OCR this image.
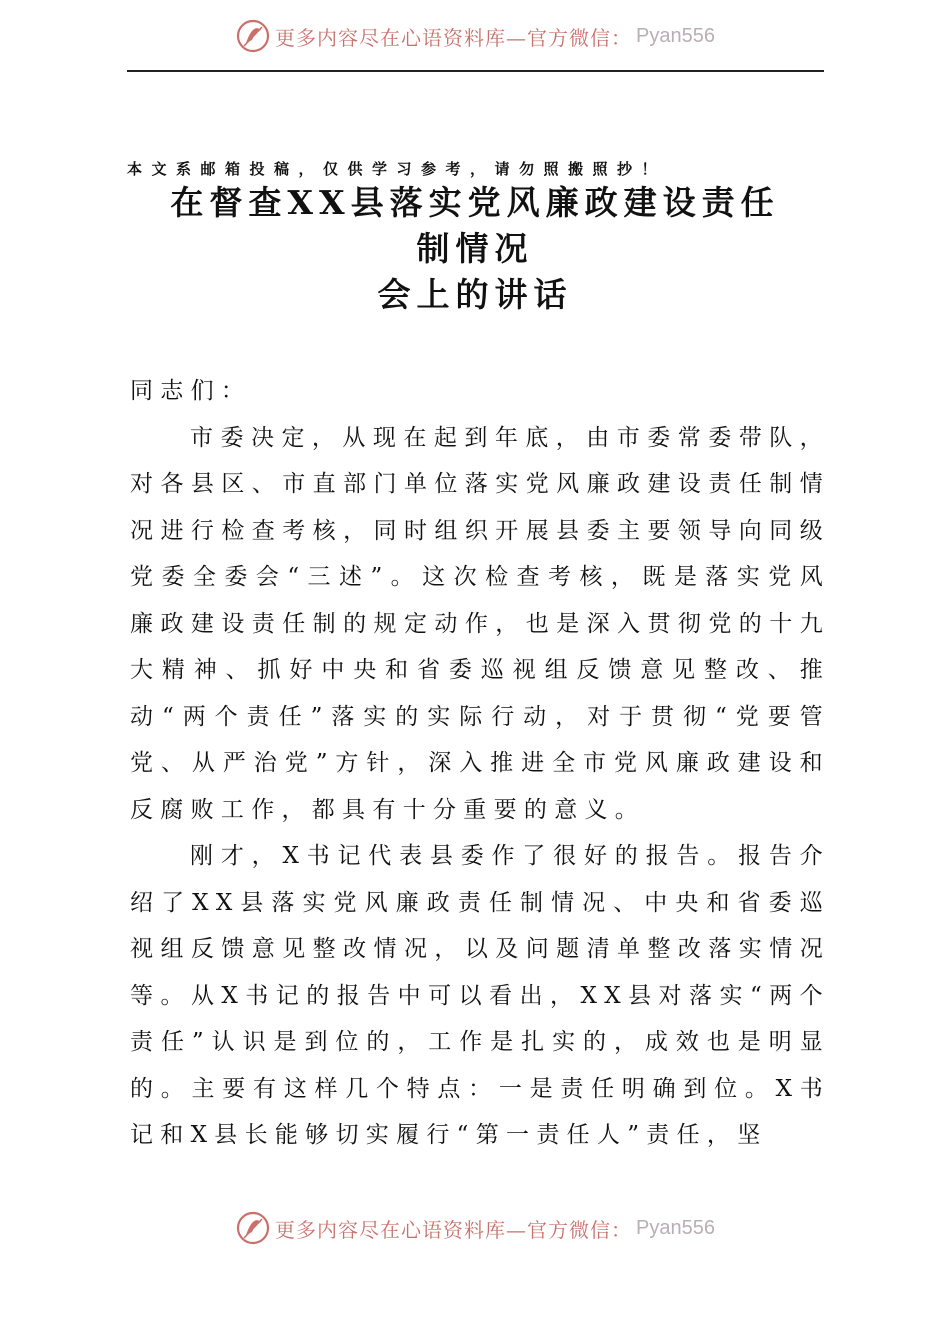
更多内容尽在心语资料库—官方微信： Pyan556
本文系邮箱投稿，仅供学习参考，请勿照搬照抄！
在督查XX县落实党风廉政建设责任
制情况
会上的讲话

同志们：

市委决定，从现在起到年底，由市委常委带队，对各县区、市直部门单位落实党风廉政建设责任制情况进行检查考核，同时组织开展县委主要领导向同级党委全委会“三述”。这次检查考核，既是落实党风廉政建设责任制的规定动作，也是深入贯彻党的十九大精神、抓好中央和省委巡视组反馈意见整改、推动“两个责任”落实的实际行动，对于贯彻“党要管党、从严治党”方针，深入推进全市党风廉政建设和反腐败工作，都具有十分重要的意义。

刚才，X书记代表县委作了很好的报告。报告介绍了XX县落实党风廉政责任制情况、中央和省委巡视组反馈意见整改情况，以及问题清单整改落实情况等。从X书记的报告中可以看出，XX县对落实“两个责任”认识是到位的，工作是扎实的，成效也是明显的。主要有这样几个特点：一是责任明确到位。X书记和X县长能够切实履行“第一责任人”责任，坚

更多内容尽在心语资料库—官方微信： Pyan556
